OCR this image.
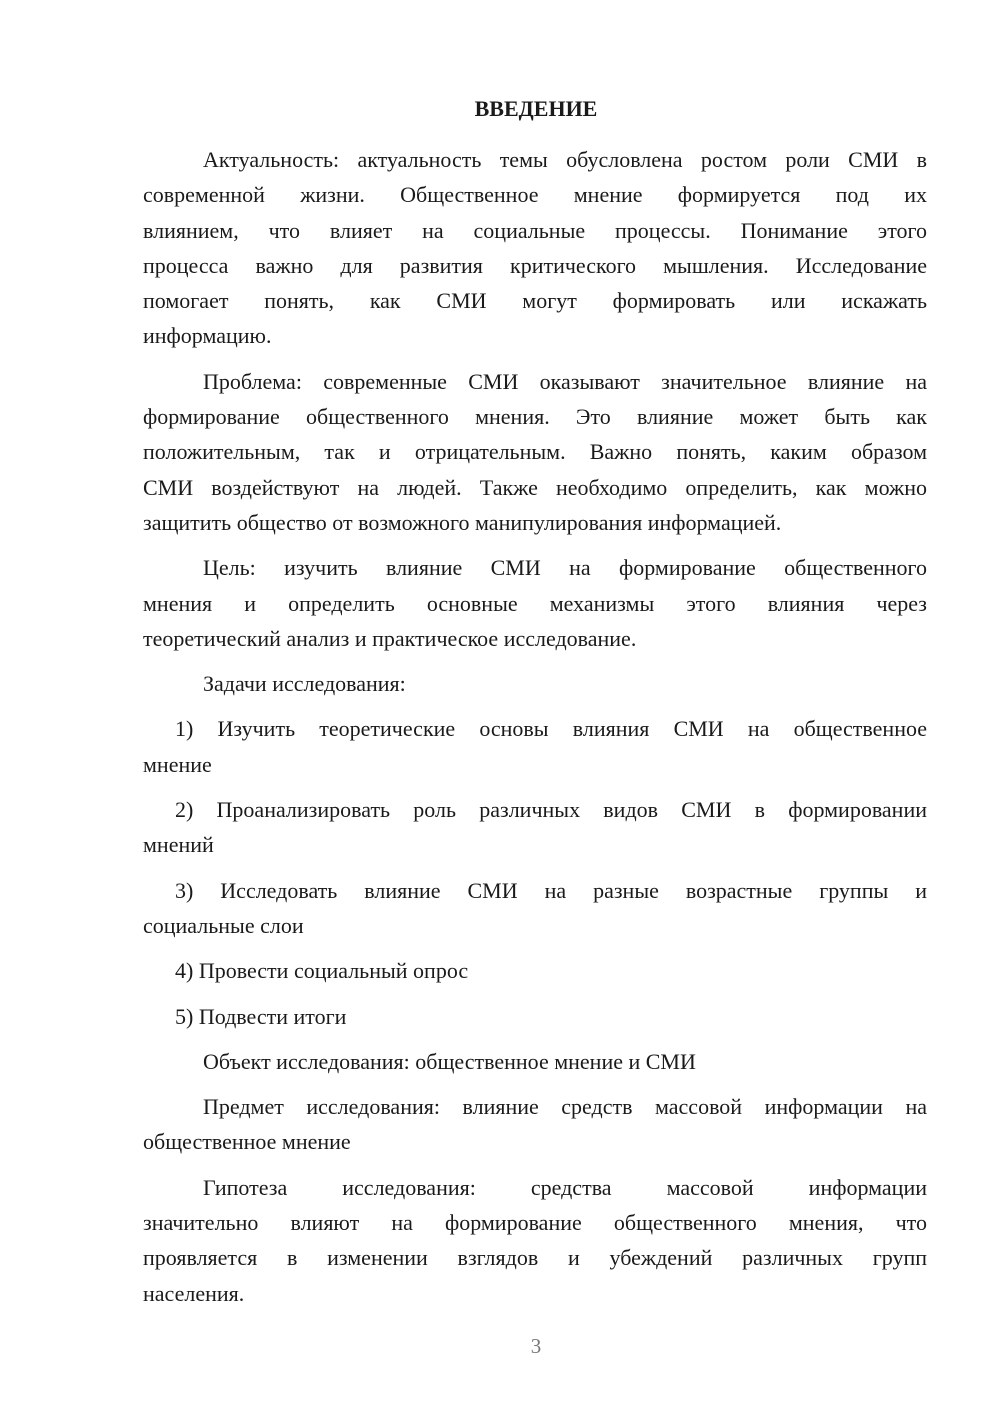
ВВЕДЕНИЕ
Актуальность: актуальность темы обусловлена ростом роли СМИ в
современной жизни. Общественное мнение формируется под их
влиянием, что влияет на социальные процессы. Понимание этого
процесса важно для развития критического мышления. Исследование
помогает понять, как СМИ могут формировать или искажать
информацию.
Проблема: современные СМИ оказывают значительное влияние на
формирование общественного мнения. Это влияние может быть как
положительным, так и отрицательным. Важно понять, каким образом
СМИ воздействуют на людей. Также необходимо определить, как можно
защитить общество от возможного манипулирования информацией.
Цель: изучить влияние СМИ на формирование общественного
мнения и определить основные механизмы этого влияния через
теоретический анализ и практическое исследование.
Задачи исследования:
1) Изучить теоретические основы влияния СМИ на общественное
мнение
2) Проанализировать роль различных видов СМИ в формировании
мнений
3) Исследовать влияние СМИ на разные возрастные группы и
социальные слои
4) Провести социальный опрос
5) Подвести итоги
Объект исследования: общественное мнение и СМИ
Предмет исследования: влияние средств массовой информации на
общественное мнение
Гипотеза исследования: средства массовой информации
значительно влияют на формирование общественного мнения, что
проявляется в изменении взглядов и убеждений различных групп
населения.
3
